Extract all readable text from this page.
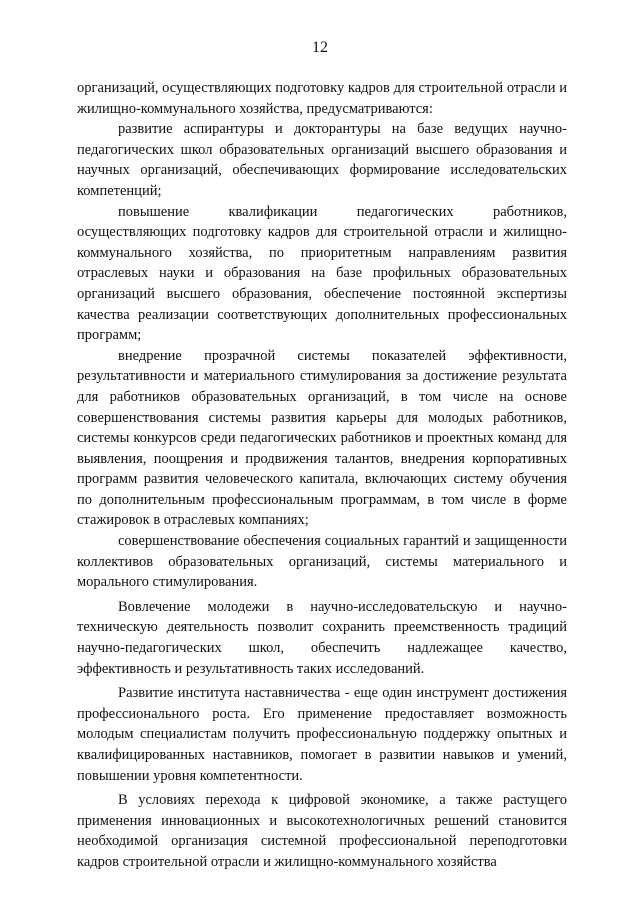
12

организаций, осуществляющих подготовку кадров для строительной отрасли и жилищно-коммунального хозяйства, предусматриваются:

развитие аспирантуры и докторантуры на базе ведущих научно-педагогических школ образовательных организаций высшего образования и научных организаций, обеспечивающих формирование исследовательских компетенций;

повышение квалификации педагогических работников, осуществляющих подготовку кадров для строительной отрасли и жилищно-коммунального хозяйства, по приоритетным направлениям развития отраслевых науки и образования на базе профильных образовательных организаций высшего образования, обеспечение постоянной экспертизы качества реализации соответствующих дополнительных профессиональных программ;

внедрение прозрачной системы показателей эффективности, результативности и материального стимулирования за достижение результата для работников образовательных организаций, в том числе на основе совершенствования системы развития карьеры для молодых работников, системы конкурсов среди педагогических работников и проектных команд для выявления, поощрения и продвижения талантов, внедрения корпоративных программ развития человеческого капитала, включающих систему обучения по дополнительным профессиональным программам, в том числе в форме стажировок в отраслевых компаниях;

совершенствование обеспечения социальных гарантий и защищенности коллективов образовательных организаций, системы материального и морального стимулирования.

Вовлечение молодежи в научно-исследовательскую и научно-техническую деятельность позволит сохранить преемственность традиций научно-педагогических школ, обеспечить надлежащее качество, эффективность и результативность таких исследований.

Развитие института наставничества - еще один инструмент достижения профессионального роста. Его применение предоставляет возможность молодым специалистам получить профессиональную поддержку опытных и квалифицированных наставников, помогает в развитии навыков и умений, повышении уровня компетентности.

В условиях перехода к цифровой экономике, а также растущего применения инновационных и высокотехнологичных решений становится необходимой организация системной профессиональной переподготовки кадров строительной отрасли и жилищно-коммунального хозяйства
